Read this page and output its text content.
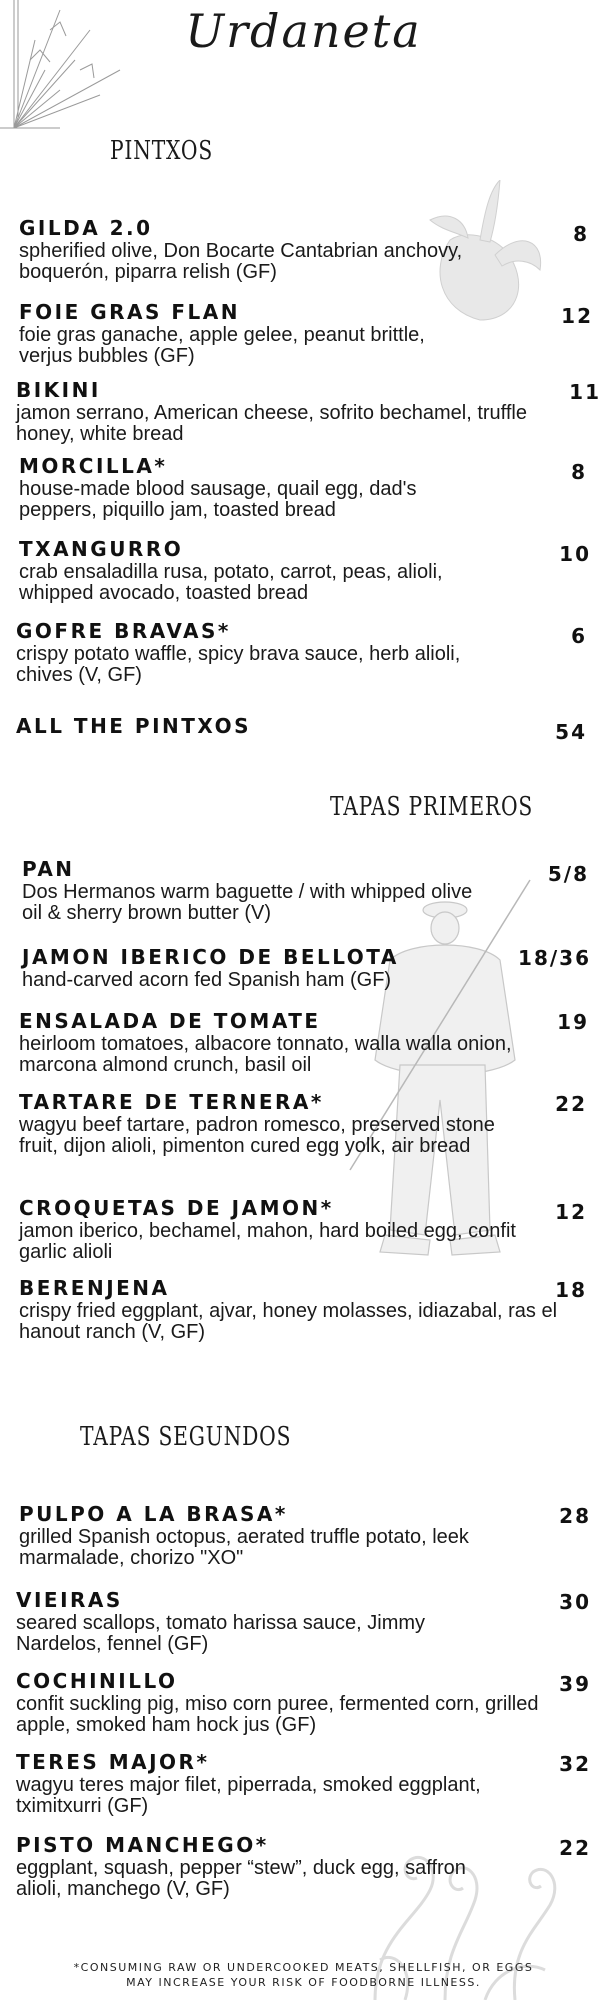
Urdaneta
PINTXOS
GILDA 2.0
spherified olive, Don Bocarte Cantabrian anchovy, boquerón, piparra relish (GF)
8
FOIE GRAS FLAN
foie gras ganache, apple gelee, peanut brittle, verjus bubbles (GF)
12
BIKINI
jamon serrano, American cheese, sofrito bechamel, truffle honey, white bread
11
MORCILLA*
house-made blood sausage, quail egg, dad's peppers, piquillo jam, toasted bread
8
TXANGURRO
crab ensaladilla rusa, potato, carrot, peas, alioli, whipped avocado, toasted bread
10
GOFRE BRAVAS*
crispy potato waffle, spicy brava sauce, herb alioli, chives (V, GF)
6
ALL THE PINTXOS	54
TAPAS PRIMEROS
PAN
Dos Hermanos warm baguette / with whipped olive oil & sherry brown butter (V)
5/8
JAMON IBERICO DE BELLOTA
hand-carved acorn fed Spanish ham (GF)
18/36
ENSALADA DE TOMATE
heirloom tomatoes, albacore tonnato, walla walla onion, marcona almond crunch, basil oil
19
TARTARE DE TERNERA*
wagyu beef tartare, padron romesco, preserved stone fruit, dijon alioli, pimenton cured egg yolk, air bread
22
CROQUETAS DE JAMON*
jamon iberico, bechamel, mahon, hard boiled egg, confit garlic alioli
12
BERENJENA
crispy fried eggplant, ajvar, honey molasses, idiazabal, ras el hanout ranch (V, GF)
18
TAPAS SEGUNDOS
PULPO A LA BRASA*
grilled Spanish octopus, aerated truffle potato, leek marmalade, chorizo "XO"
28
VIEIRAS
seared scallops, tomato harissa sauce, Jimmy Nardelos, fennel (GF)
30
COCHINILLO
confit suckling pig, miso corn puree, fermented corn, grilled apple, smoked ham hock jus (GF)
39
TERES MAJOR*
wagyu teres major filet, piperrada, smoked eggplant, tximitxurri (GF)
32
PISTO MANCHEGO*
eggplant, squash, pepper “stew”, duck egg, saffron alioli, manchego (V, GF)
22
*CONSUMING RAW OR UNDERCOOKED MEATS, SHELLFISH, OR EGGS
MAY INCREASE YOUR RISK OF FOODBORNE ILLNESS.
